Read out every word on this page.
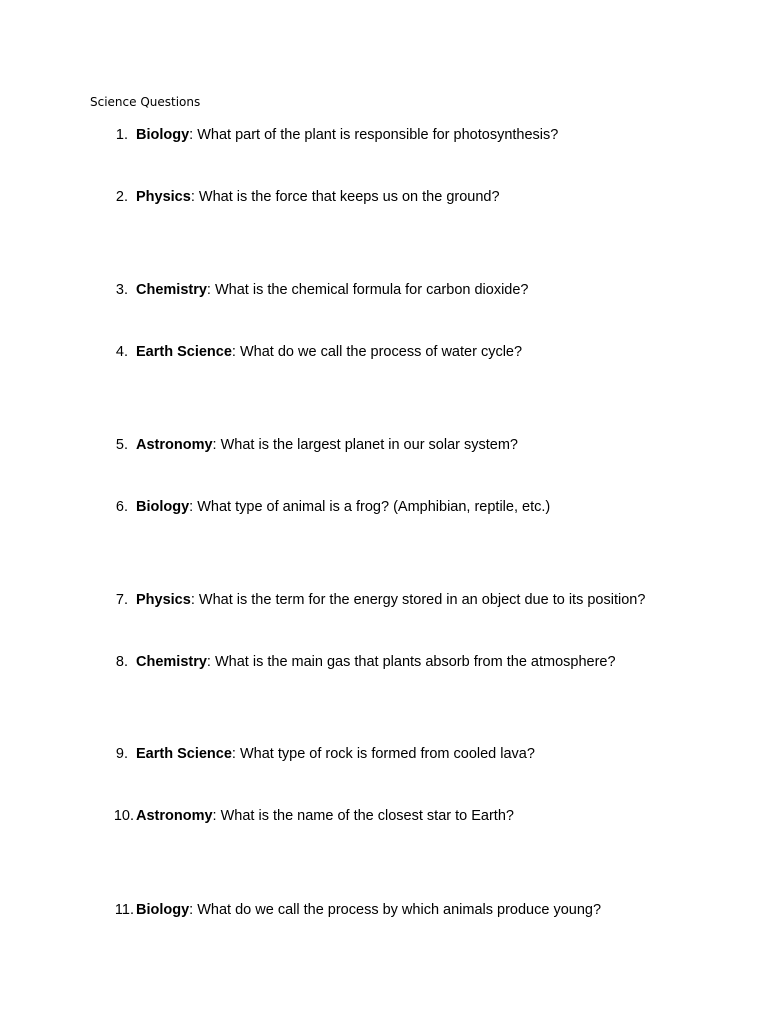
Science Questions
1. Biology: What part of the plant is responsible for photosynthesis?
2. Physics: What is the force that keeps us on the ground?
3. Chemistry: What is the chemical formula for carbon dioxide?
4. Earth Science: What do we call the process of water cycle?
5. Astronomy: What is the largest planet in our solar system?
6. Biology: What type of animal is a frog? (Amphibian, reptile, etc.)
7. Physics: What is the term for the energy stored in an object due to its position?
8. Chemistry: What is the main gas that plants absorb from the atmosphere?
9. Earth Science: What type of rock is formed from cooled lava?
10. Astronomy: What is the name of the closest star to Earth?
11. Biology: What do we call the process by which animals produce young?
